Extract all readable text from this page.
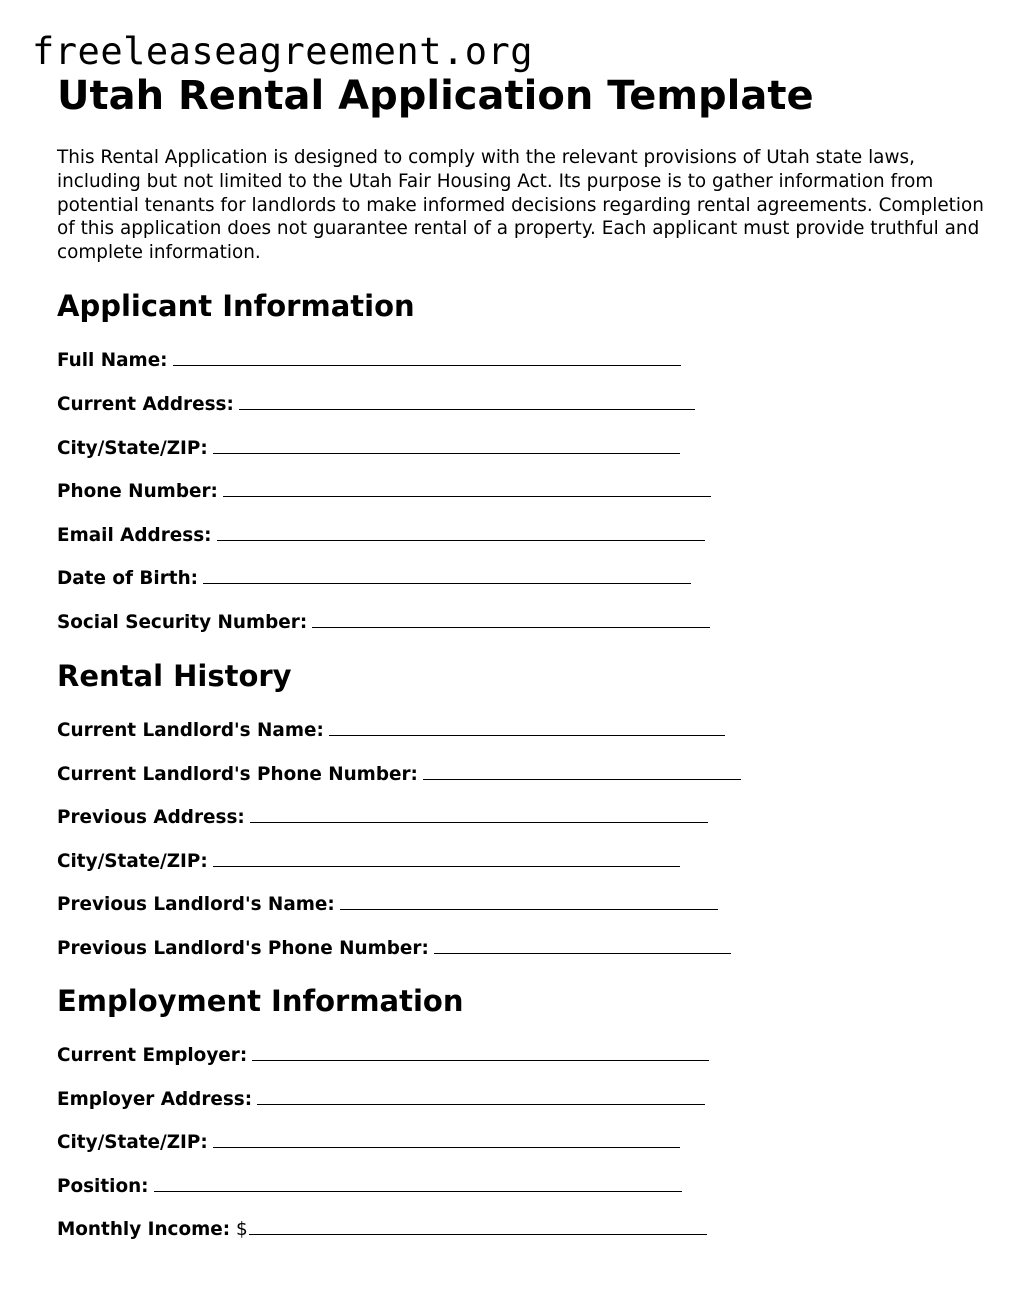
freeleaseagreement.org
Utah Rental Application Template

This Rental Application is designed to comply with the relevant provisions of Utah state laws, including but not limited to the Utah Fair Housing Act. Its purpose is to gather information from potential tenants for landlords to make informed decisions regarding rental agreements. Completion of this application does not guarantee rental of a property. Each applicant must provide truthful and complete information.

Applicant Information
Full Name:
Current Address:
City/State/ZIP:
Phone Number:
Email Address:
Date of Birth:
Social Security Number:
Rental History
Current Landlord's Name:
Current Landlord's Phone Number:
Previous Address:
City/State/ZIP:
Previous Landlord's Name:
Previous Landlord's Phone Number:
Employment Information
Current Employer:
Employer Address:
City/State/ZIP:
Position:
Monthly Income: $
